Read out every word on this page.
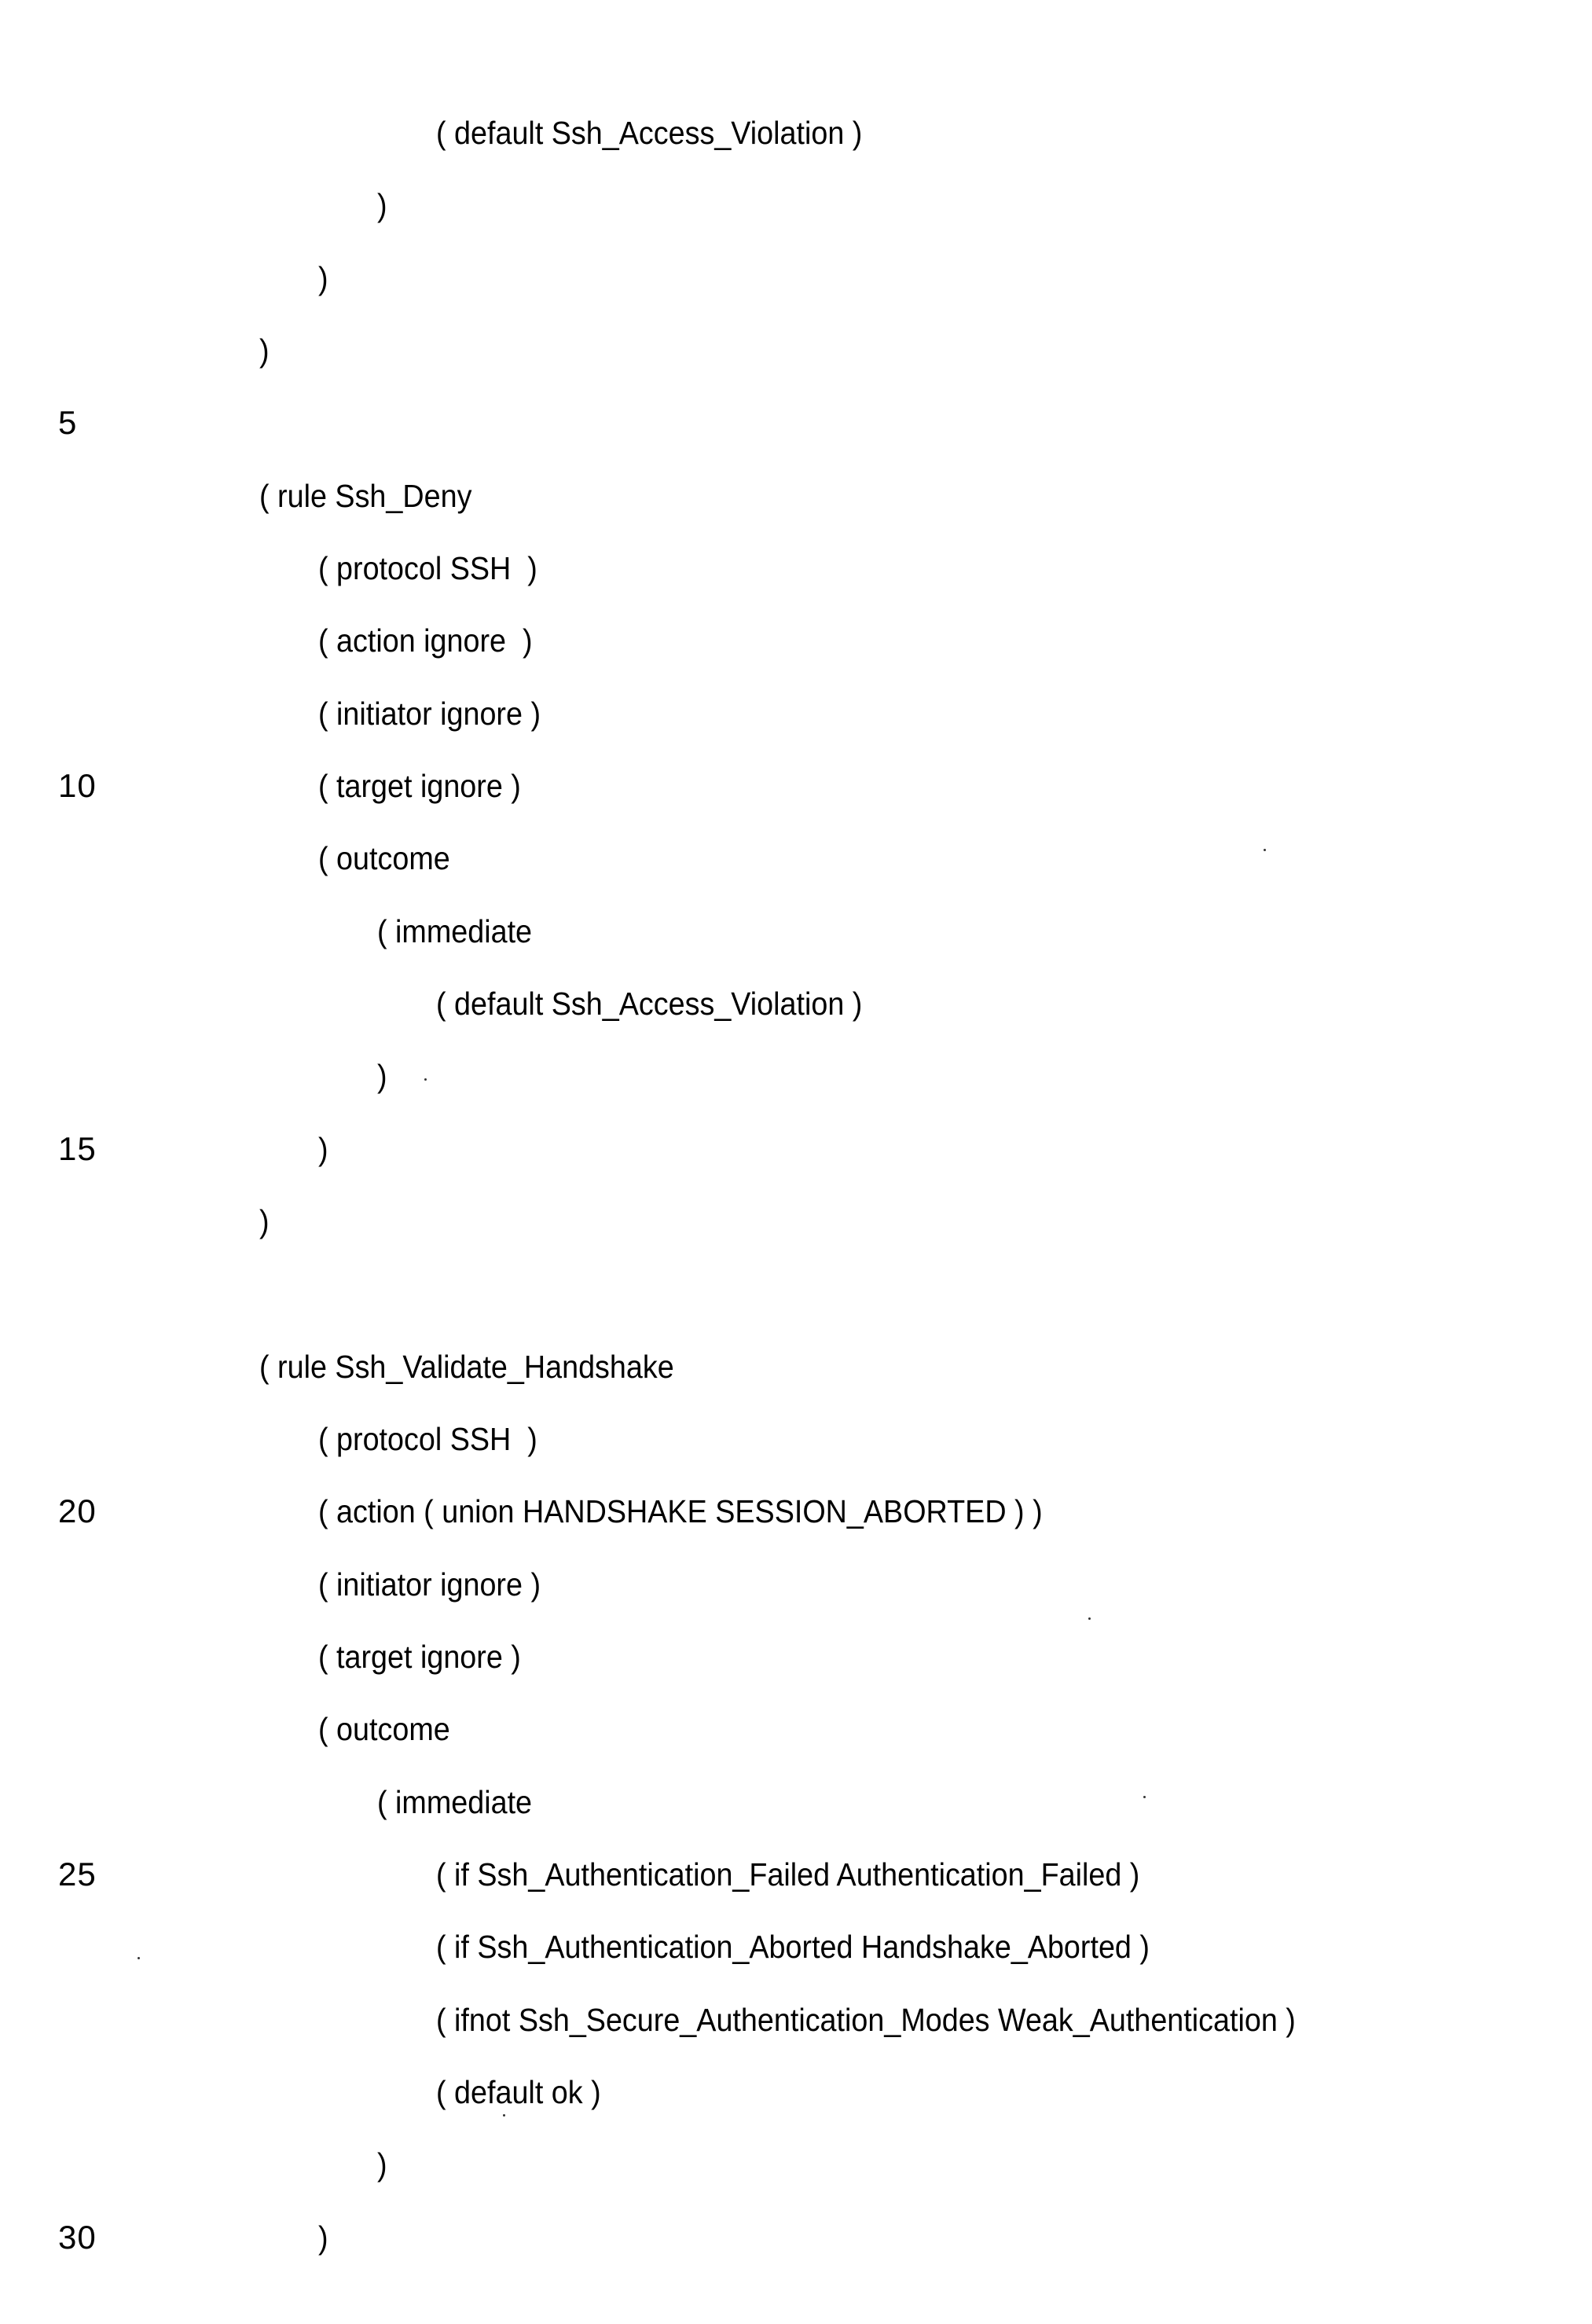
( default Ssh_Access_Violation )
)
)
)
5
( rule Ssh_Deny
( protocol SSH  )
( action ignore  )
( initiator ignore )
10	( target ignore )
( outcome
( immediate
( default Ssh_Access_Violation )
)
15	)
)
( rule Ssh_Validate_Handshake
( protocol SSH  )
20	( action ( union HANDSHAKE SESSION_ABORTED ) )
( initiator ignore )
( target ignore )
( outcome
( immediate
25	( if Ssh_Authentication_Failed Authentication_Failed )
( if Ssh_Authentication_Aborted Handshake_Aborted )
( ifnot Ssh_Secure_Authentication_Modes Weak_Authentication )
( default ok )
)
30	)
